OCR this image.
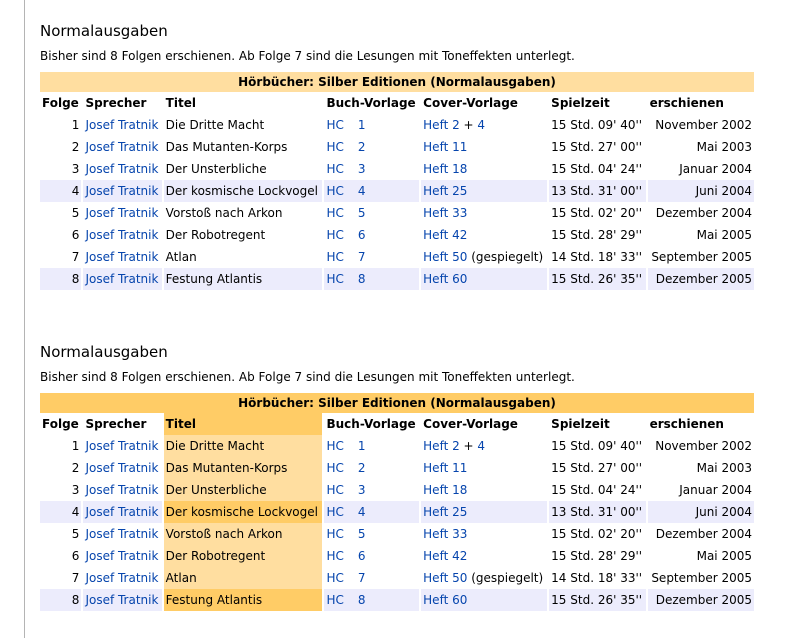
Normalausgaben

Bisher sind 8 Folgen erschienen. Ab Folge 7 sind die Lesungen mit Toneffekten unterlegt.

Hörbücher: Silber Editionen (Normalausgaben)						
Folge	Sprecher	Titel	Buch-Vorlage	Cover-Vorlage	Spielzeit	erschienen
1	Josef Tratnik	Die Dritte Macht	HC 1	Heft 2 + 4	15 Std. 09' 40''	November 2002
2	Josef Tratnik	Das Mutanten-Korps	HC 2	Heft 11	15 Std. 27' 00''	Mai 2003
3	Josef Tratnik	Der Unsterbliche	HC 3	Heft 18	15 Std. 04' 24''	Januar 2004
4	Josef Tratnik	Der kosmische Lockvogel	HC 4	Heft 25	13 Std. 31' 00''	Juni 2004
5	Josef Tratnik	Vorstoß nach Arkon	HC 5	Heft 33	15 Std. 02' 20''	Dezember 2004
6	Josef Tratnik	Der Robotregent	HC 6	Heft 42	15 Std. 28' 29''	Mai 2005
7	Josef Tratnik	Atlan	HC 7	Heft 50 (gespiegelt)	14 Std. 18' 33''	September 2005
8	Josef Tratnik	Festung Atlantis	HC 8	Heft 60	15 Std. 26' 35''	Dezember 2005
Normalausgaben

Bisher sind 8 Folgen erschienen. Ab Folge 7 sind die Lesungen mit Toneffekten unterlegt.

Hörbücher: Silber Editionen (Normalausgaben)						
Folge	Sprecher	Titel	Buch-Vorlage	Cover-Vorlage	Spielzeit	erschienen
1	Josef Tratnik	Die Dritte Macht	HC 1	Heft 2 + 4	15 Std. 09' 40''	November 2002
2	Josef Tratnik	Das Mutanten-Korps	HC 2	Heft 11	15 Std. 27' 00''	Mai 2003
3	Josef Tratnik	Der Unsterbliche	HC 3	Heft 18	15 Std. 04' 24''	Januar 2004
4	Josef Tratnik	Der kosmische Lockvogel	HC 4	Heft 25	13 Std. 31' 00''	Juni 2004
5	Josef Tratnik	Vorstoß nach Arkon	HC 5	Heft 33	15 Std. 02' 20''	Dezember 2004
6	Josef Tratnik	Der Robotregent	HC 6	Heft 42	15 Std. 28' 29''	Mai 2005
7	Josef Tratnik	Atlan	HC 7	Heft 50 (gespiegelt)	14 Std. 18' 33''	September 2005
8	Josef Tratnik	Festung Atlantis	HC 8	Heft 60	15 Std. 26' 35''	Dezember 2005
